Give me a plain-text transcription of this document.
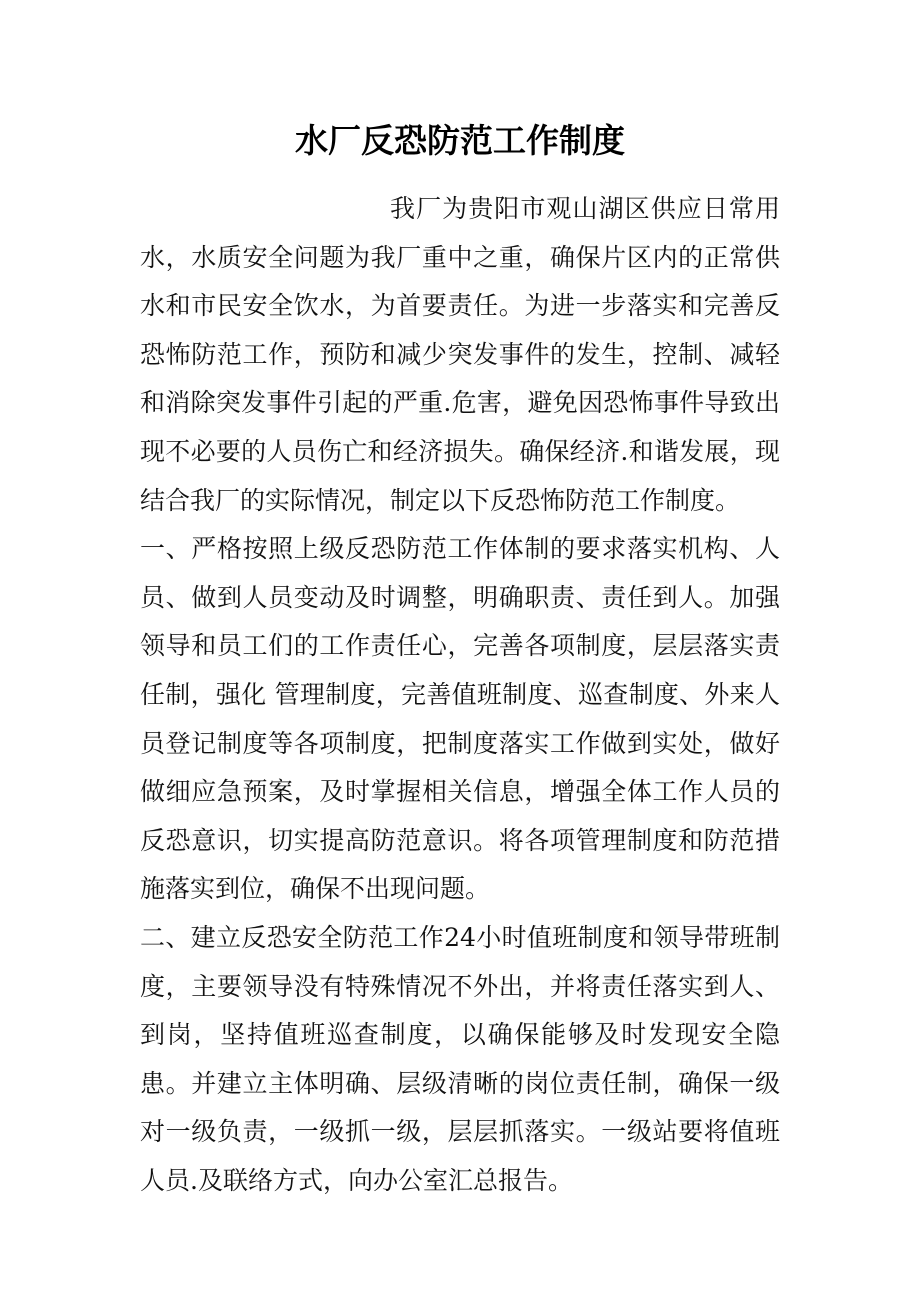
水厂反恐防范工作制度

我厂为贵阳市观山湖区供应日常用水，水质安全问题为我厂重中之重，确保片区内的正常供水和市民安全饮水，为首要责任。为进一步落实和完善反恐怖防范工作，预防和减少突发事件的发生，控制、减轻和消除突发事件引起的严重.危害，避免因恐怖事件导致出现不必要的人员伤亡和经济损失。确保经济.和谐发展，现结合我厂的实际情况，制定以下反恐怖防范工作制度。

一、严格按照上级反恐防范工作体制的要求落实机构、人员、做到人员变动及时调整，明确职责、责任到人。加强领导和员工们的工作责任心，完善各项制度，层层落实责任制，强化 管理制度，完善值班制度、巡查制度、外来人员登记制度等各项制度，把制度落实工作做到实处，做好做细应急预案，及时掌握相关信息，增强全体工作人员的反恐意识，切实提高防范意识。将各项管理制度和防范措施落实到位，确保不出现问题。

二、建立反恐安全防范工作24小时值班制度和领导带班制度，主要领导没有特殊情况不外出，并将责任落实到人、到岗，坚持值班巡查制度，以确保能够及时发现安全隐患。并建立主体明确、层级清晰的岗位责任制，确保一级对一级负责，一级抓一级，层层抓落实。一级站要将值班人员.及联络方式，向办公室汇总报告。
